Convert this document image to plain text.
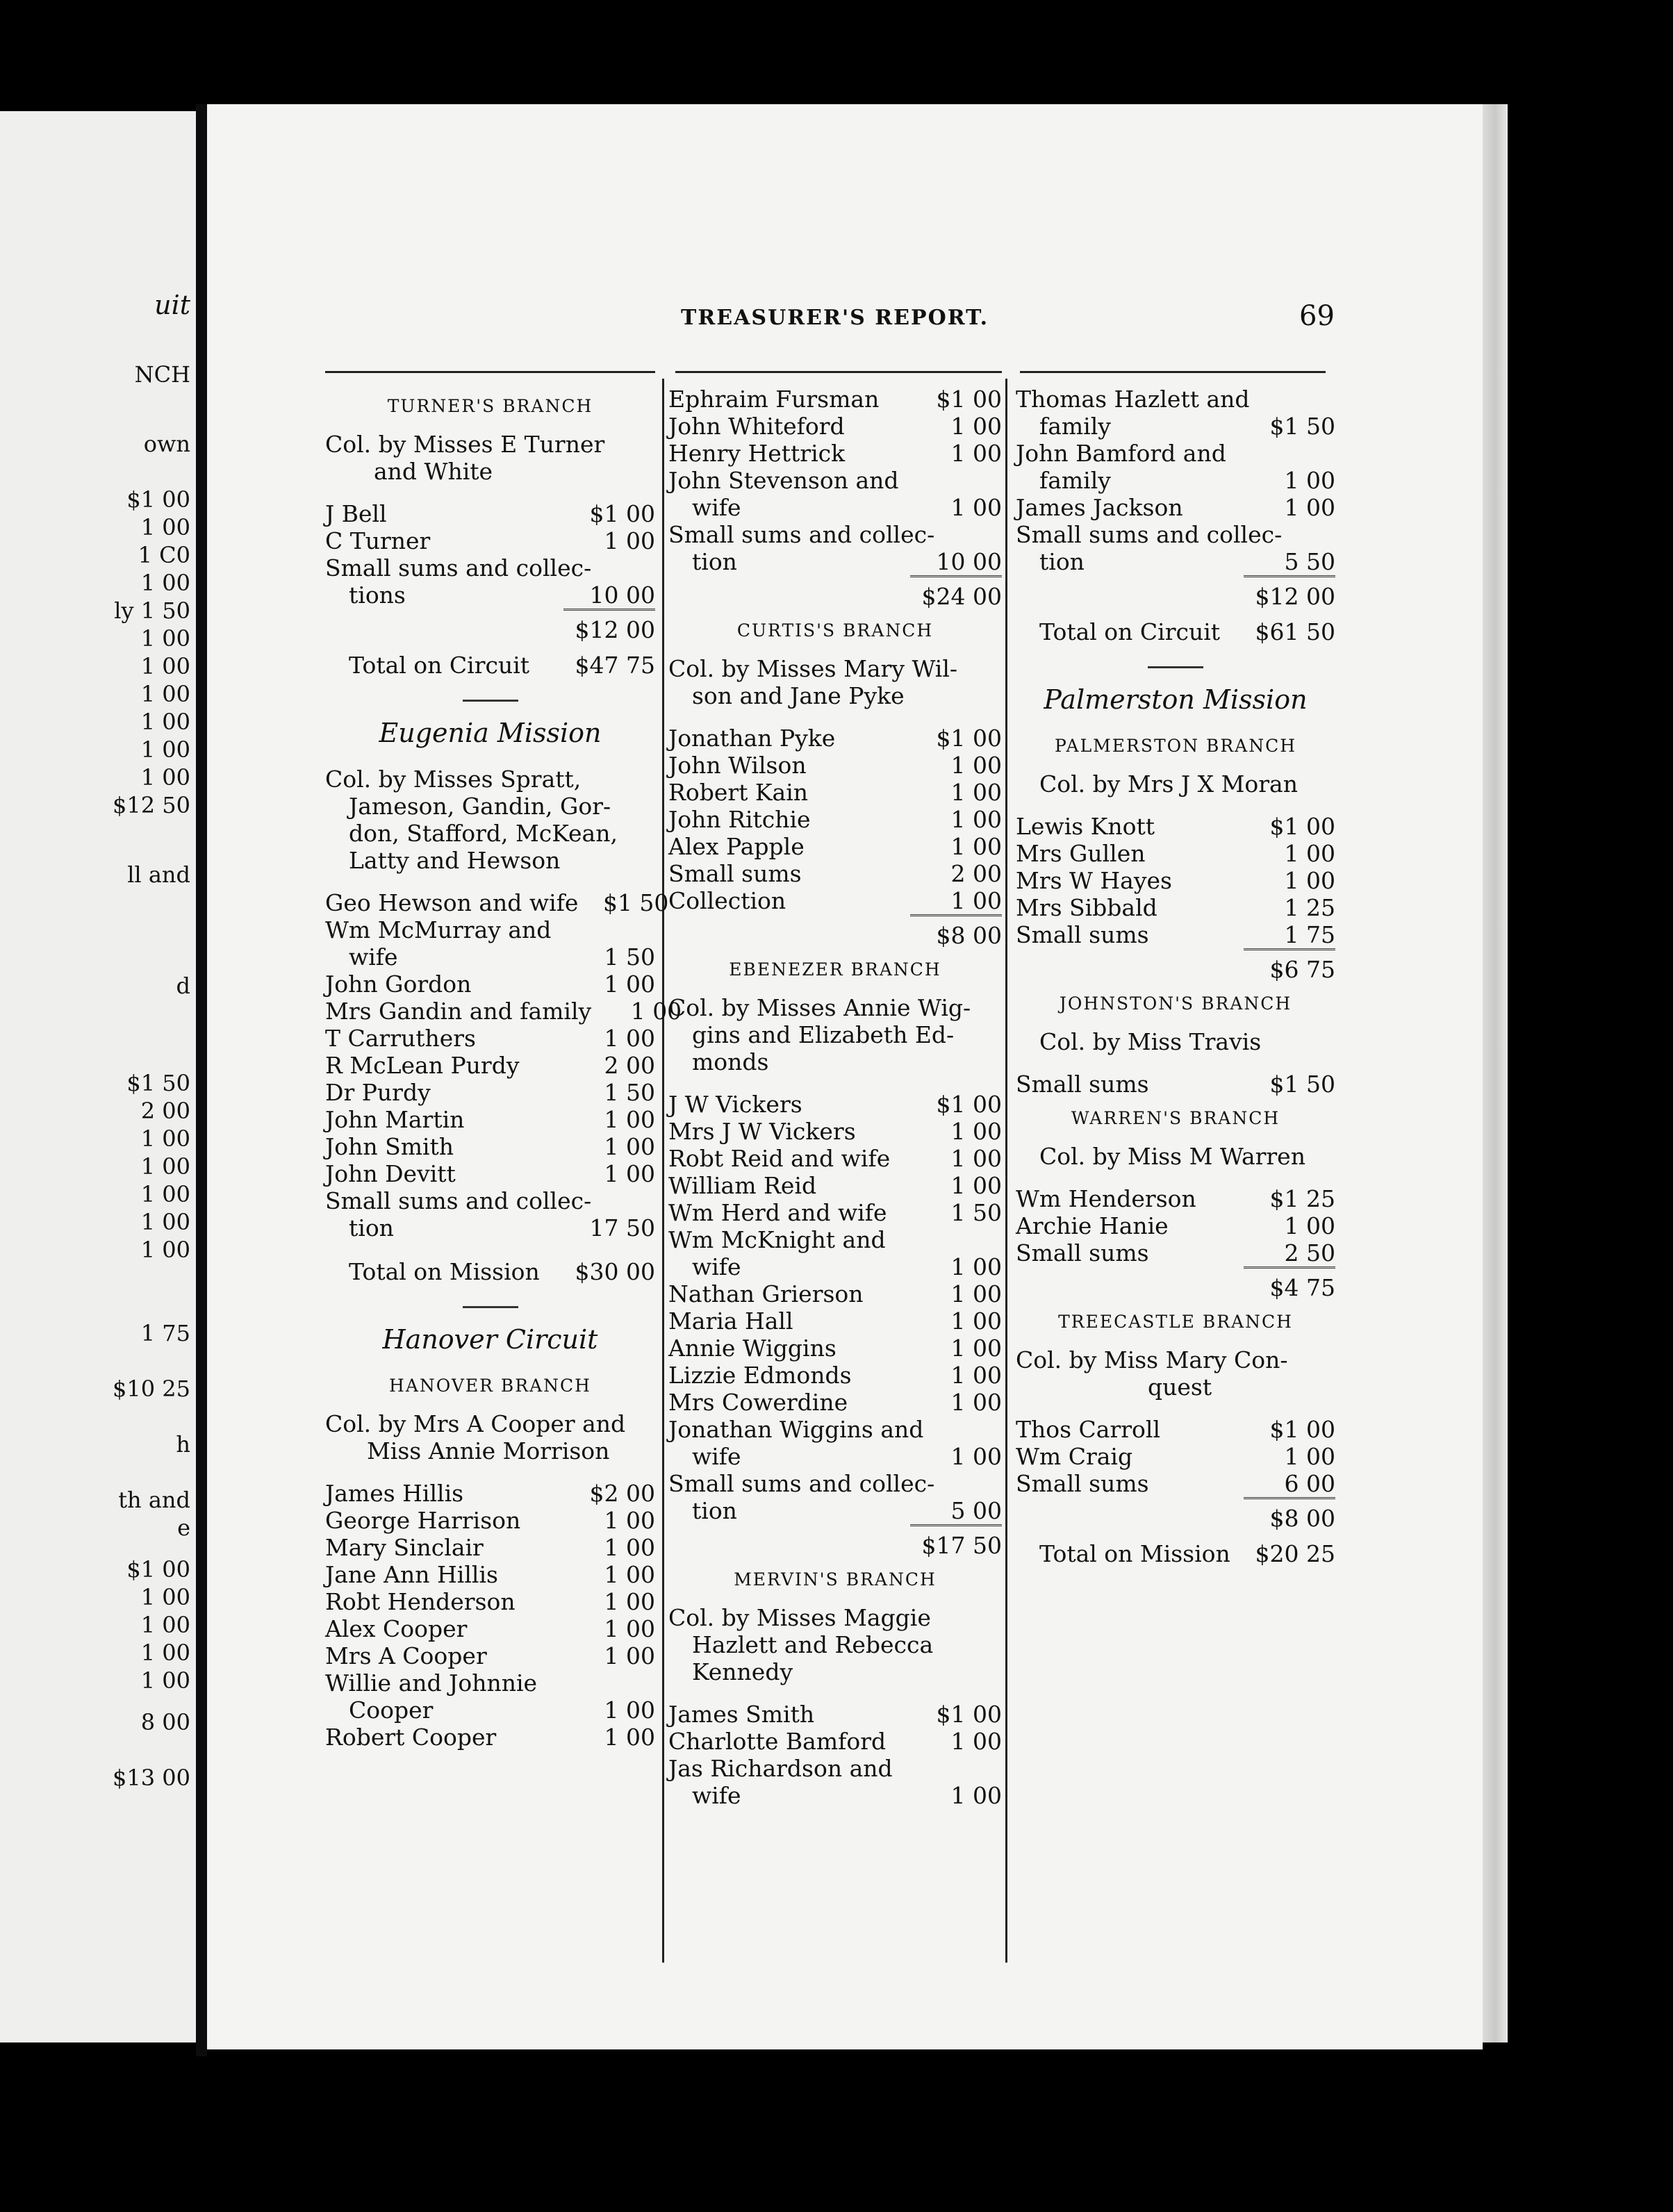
uit
NCH
own
$1 00
1 00
1 C0
1 00
ly 1 50
1 00
1 00
1 00
1 00
1 00
1 00
$12 50
ll and
d
$1 50
2 00
1 00
1 00
1 00
1 00
1 00
1 75
$10 25
h
th and
e
$1 00
1 00
1 00
1 00
1 00
8 00
$13 00
TREASURER'S REPORT.	69
TURNER'S BRANCH
Col. by Misses E Turner
and White
J Bell	$1 00
C Turner	1 00
Small sums and collec-
tions	10 00
$12 00
Total on Circuit $47 75
Eugenia Mission
Col. by Misses Spratt,
Jameson, Gandin, Gor-
don, Stafford, McKean,
Latty and Hewson
Geo Hewson and wife	$1 50
Wm McMurray and
wife	1 50
John Gordon	1 00
Mrs Gandin and family	1 00
T Carruthers	1 00
R McLean Purdy	2 00
Dr Purdy	1 50
John Martin	1 00
John Smith	1 00
John Devitt	1 00
Small sums and collec-
tion	17 50
Total on Mission $30 00
Hanover Circuit
HANOVER BRANCH
Col. by Mrs A Cooper and
Miss Annie Morrison
James Hillis	$2 00
George Harrison	1 00
Mary Sinclair	1 00
Jane Ann Hillis	1 00
Robt Henderson	1 00
Alex Cooper	1 00
Mrs A Cooper	1 00
Willie and Johnnie
Cooper	1 00
Robert Cooper	1 00
Ephraim Fursman	$1 00
John Whiteford	1 00
Henry Hettrick	1 00
John Stevenson and
wife	1 00
Small sums and collec-
tion	10 00
$24 00
CURTIS'S BRANCH
Col. by Misses Mary Wil-
son and Jane Pyke
Jonathan Pyke	$1 00
John Wilson	1 00
Robert Kain	1 00
John Ritchie	1 00
Alex Papple	1 00
Small sums	2 00
Collection	1 00
$8 00
EBENEZER BRANCH
Col. by Misses Annie Wig-
gins and Elizabeth Ed-
monds
J W Vickers	$1 00
Mrs J W Vickers	1 00
Robt Reid and wife	1 00
William Reid	1 00
Wm Herd and wife	1 50
Wm McKnight and
wife	1 00
Nathan Grierson	1 00
Maria Hall	1 00
Annie Wiggins	1 00
Lizzie Edmonds	1 00
Mrs Cowerdine	1 00
Jonathan Wiggins and
wife	1 00
Small sums and collec-
tion	5 00
$17 50
MERVIN'S BRANCH
Col. by Misses Maggie
Hazlett and Rebecca
Kennedy
James Smith	$1 00
Charlotte Bamford	1 00
Jas Richardson and
wife	1 00
Thomas Hazlett and
family	$1 50
John Bamford and
family	1 00
James Jackson	1 00
Small sums and collec-
tion	5 50
$12 00
Total on Circuit $61 50
Palmerston Mission
PALMERSTON BRANCH
Col. by Mrs J X Moran
Lewis Knott	$1 00
Mrs Gullen	1 00
Mrs W Hayes	1 00
Mrs Sibbald	1 25
Small sums	1 75
$6 75
JOHNSTON'S BRANCH
Col. by Miss Travis
Small sums	$1 50
WARREN'S BRANCH
Col. by Miss M Warren
Wm Henderson	$1 25
Archie Hanie	1 00
Small sums	2 50
$4 75
TREECASTLE BRANCH
Col. by Miss Mary Con-
quest
Thos Carroll	$1 00
Wm Craig	1 00
Small sums	6 00
$8 00
Total on Mission $20 25
